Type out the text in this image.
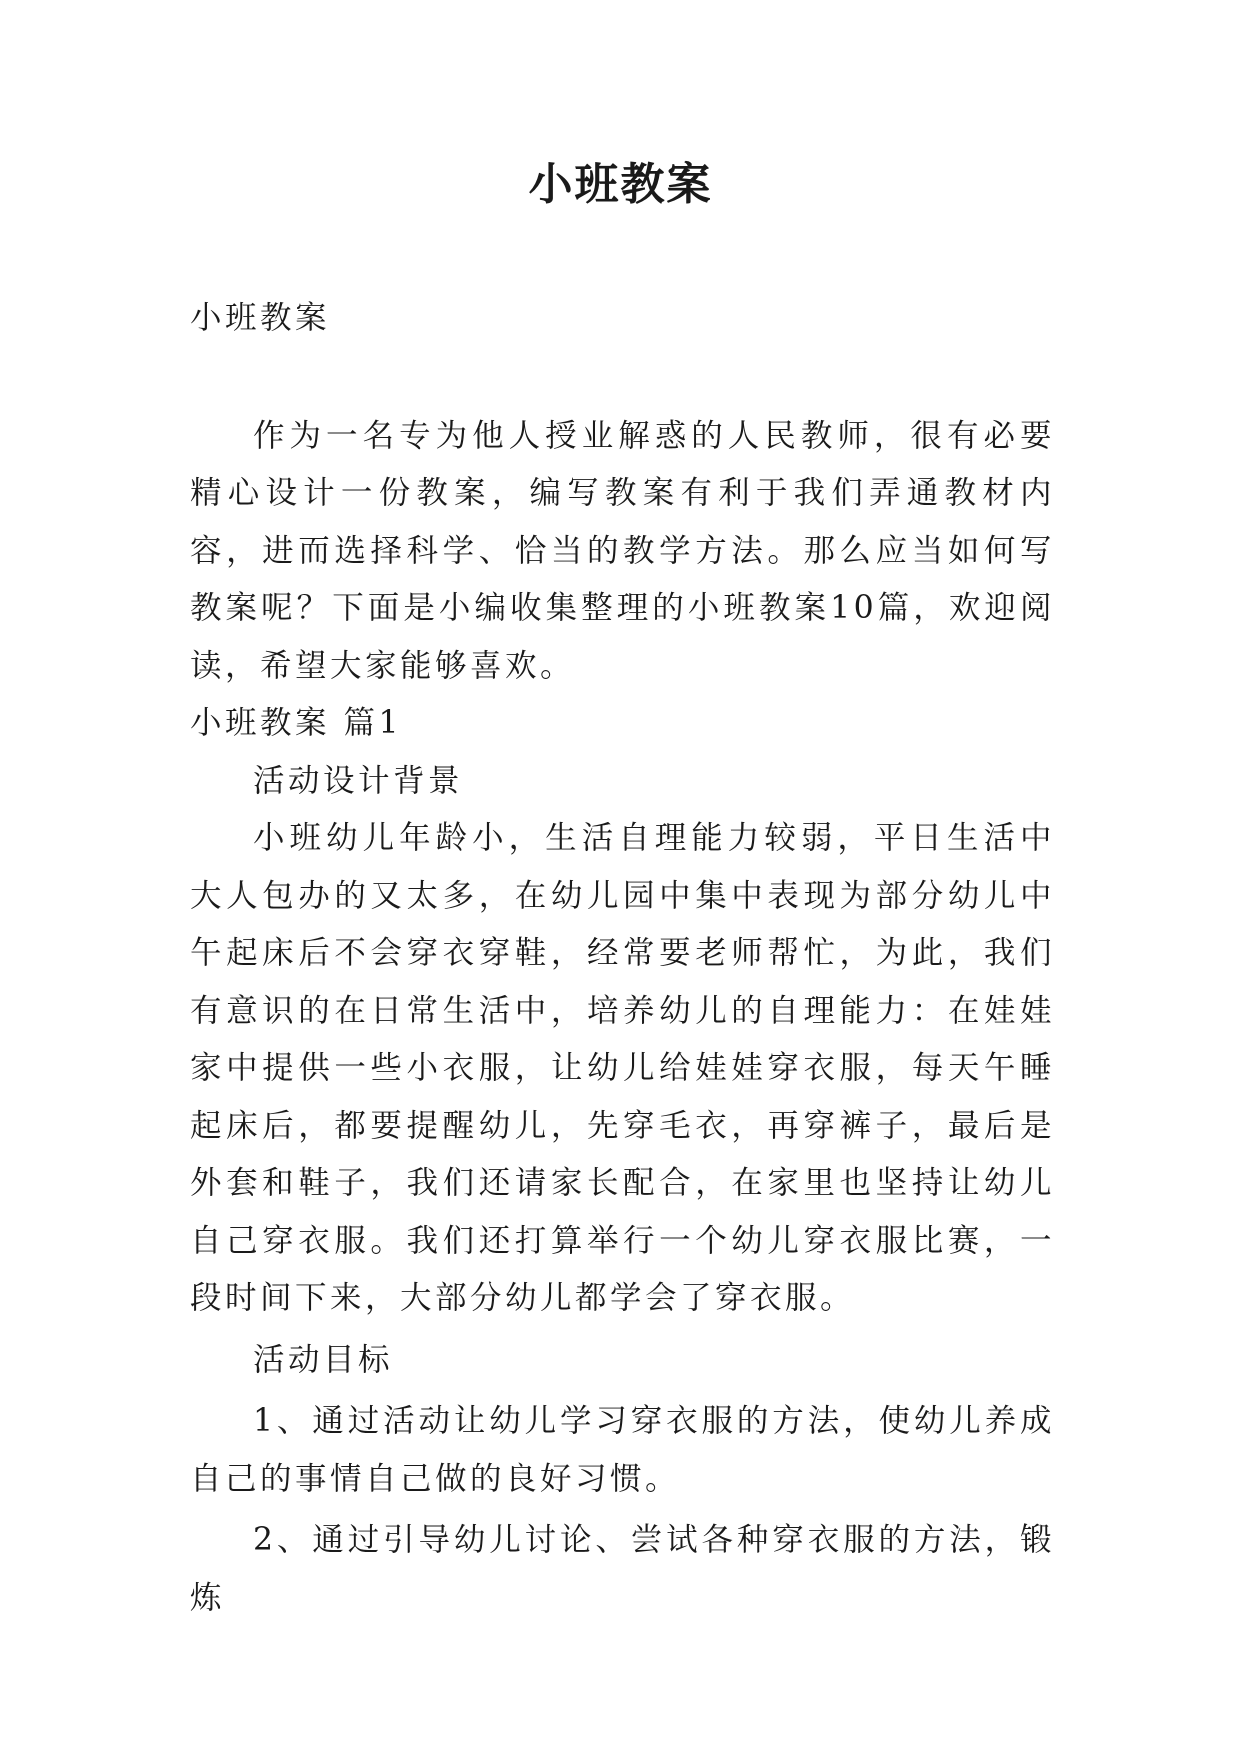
小班教案

小班教案

作为一名专为他人授业解惑的人民教师，很有必要精心设计一份教案，编写教案有利于我们弄通教材内容，进而选择科学、恰当的教学方法。那么应当如何写教案呢？下面是小编收集整理的小班教案10篇，欢迎阅读，希望大家能够喜欢。

小班教案 篇1

活动设计背景

小班幼儿年龄小，生活自理能力较弱，平日生活中大人包办的又太多，在幼儿园中集中表现为部分幼儿中午起床后不会穿衣穿鞋，经常要老师帮忙，为此，我们有意识的在日常生活中，培养幼儿的自理能力：在娃娃家中提供一些小衣服，让幼儿给娃娃穿衣服，每天午睡起床后，都要提醒幼儿，先穿毛衣，再穿裤子，最后是外套和鞋子，我们还请家长配合，在家里也坚持让幼儿自己穿衣服。我们还打算举行一个幼儿穿衣服比赛，一段时间下来，大部分幼儿都学会了穿衣服。

活动目标

1、通过活动让幼儿学习穿衣服的方法，使幼儿养成自己的事情自己做的良好习惯。

2、通过引导幼儿讨论、尝试各种穿衣服的方法，锻炼
